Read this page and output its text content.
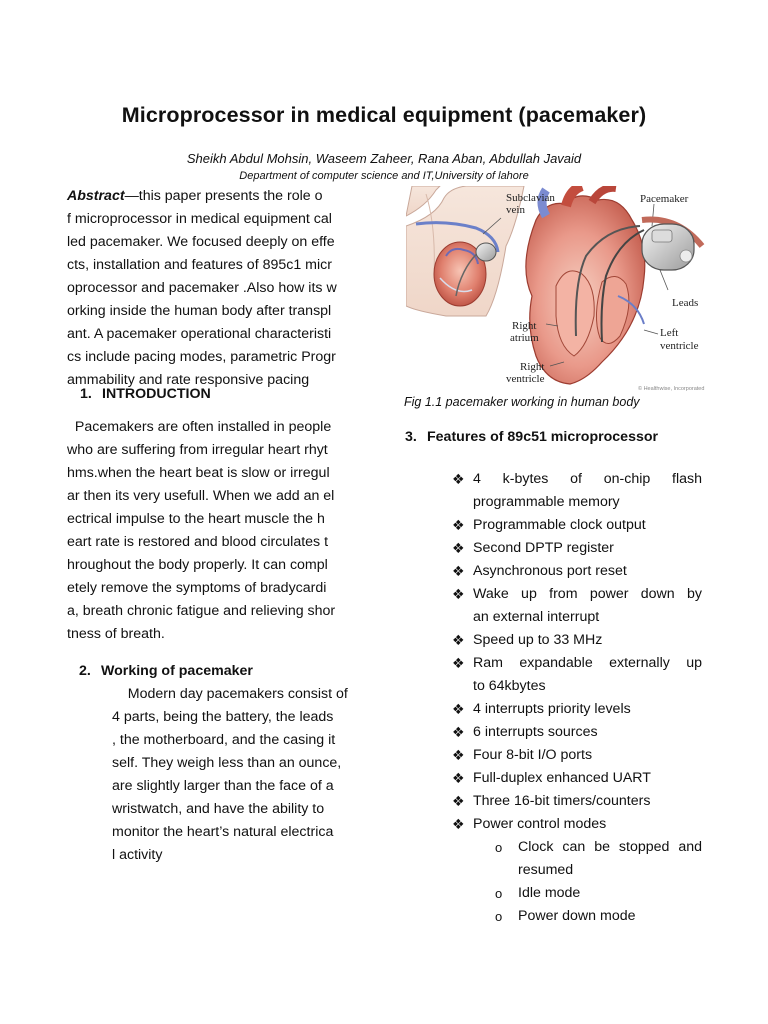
Microprocessor in medical equipment (pacemaker)
Sheikh Abdul Mohsin, Waseem Zaheer, Rana Aban, Abdullah Javaid
Department of computer science and IT,University of lahore

Abstract—this paper presents the role o

f microprocessor in medical equipment cal

led pacemaker. We focused deeply on effe

cts, installation and features of 895c1 micr

oprocessor and pacemaker .Also how its w

orking inside the human body after transpl

ant. A pacemaker operational characteristi

cs include pacing modes, parametric Progr

ammability and rate responsive pacing

1. INTRODUCTION

Pacemakers are often installed in people

who are suffering from irregular heart rhyt

hms.when the heart beat is slow or irregul

ar then its very usefull. When we add an el

ectrical impulse to the heart muscle the h

eart rate is restored and blood circulates t

hroughout the body properly. It can compl

etely remove the symptoms of bradycardi

a, breath chronic fatigue and relieving shor

tness of breath.

2. Working of pacemaker

Modern day pacemakers consist of

4 parts, being the battery, the leads

, the motherboard, and the casing it

self. They weigh less than an ounce,

are slightly larger than the face of a

wristwatch, and have the ability to

monitor the heart’s natural electrica

l activity

Subclavian
vein
Pacemaker
Leads
Right
atrium	Left
ventricle
Right
ventricle
© Healthwise, Incorporated
Fig 1.1 pacemaker working in human body
3. Features of 89c51 microprocessor
❖ 4 k-bytes of on-chip flash
programmable memory
❖ Programmable clock output
❖ Second DPTP register
❖ Asynchronous port reset
❖ Wake up from power down by
an external interrupt
❖ Speed up to 33 MHz
❖ Ram expandable externally up
to 64kbytes
❖ 4 interrupts priority levels
❖ 6 interrupts sources
❖ Four 8-bit I/O ports
❖ Full-duplex enhanced UART
❖ Three 16-bit timers/counters
❖ Power control modes
o Clock can be stopped and
resumed
o Idle mode
o Power down mode
